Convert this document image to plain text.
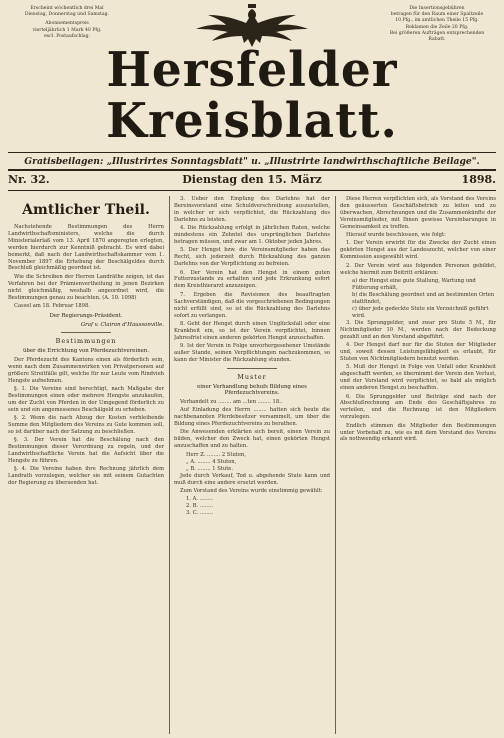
Erscheint wöchentlich drei Mal
Dienstag, Donnerstag und Samstag.
Abonnementspreis
vierteljährlich 1 Mark 40 Pfg.
excl. Postaufschlag.
Die Insertionsgebühren
betragen für den Raum einer Spaltzeile
10 Pfg., im amtlichen Theile 15 Pfg.
Reklamen die Zeile 20 Pfg.
Bei größeren Aufträgen entsprechenden
Rabatt.
Hersfelder Kreisblatt.
Gratisbeilagen: „Illustrirtes Sonntagsblatt" u. „Illustrirte landwirthschaftliche Beilage".
Nr. 32.	Dienstag den 15. März	1898.
Amtlicher Theil.
Nachstehende Bestimmungen des Herrn Landwirthschaftsministers, welche die durch Ministerialerlaß vom 13. April 1870 angeregten erlegten, werden hierdurch zur Kenntniß gebracht. Es wird dabei bemerkt, daß nach der Landwirthschaftskammer vom 1. November 1897 die Erhebung der Beschälgeldes durch Beschluß gleichmäßig geordnet ist.
Wie die Schreiben der Herren Landräthe zeigen, ist das Verfahren bei der Prämienvertheilung in jenen Bezirken nicht gleichmäßig, weshalb angeordnet wird, die Bestimmungen genau zu beachten. (A. 10. 1098)
Cassel am 18. Februar 1898.
Der Regierungs-Präsident.
Graf v. Clairon d'Haussonville.
Bestimmungen
über die Errichtung von Pferdezuchtvereinen.
Der Pferdezucht des Kantons einen als förderlich sein, wenn nach dem Zusammenwirken von Privatpersonen auf größere Streitfälle gilt, welche für nur Leute vom Rindvieh Hengste aufnehmen.
§. 1. Die Vereine sind berechtigt, nach Maßgabe der Bestimmungen einen oder mehrere Hengste anzukaufen, um der Zucht von Pferden in der Umgegend förderlich zu sein und ein angemessenes Beschälgeld zu erheben.
§. 2. Wenn die nach Abzug der Kosten verbleibende Summe den Mitgliedern des Vereins zu Gute kommen soll, so ist darüber nach der Satzung zu beschließen.
§. 3. Der Verein hat die Beschälung nach den Bestimmungen dieser Verordnung zu regeln, und der Landwirthschaftliche Verein hat die Aufsicht über die Hengste zu führen.
§. 4. Die Vereine haben ihre Rechnung jährlich dem Landrath vorzulegen, welcher sie mit seinem Gutachten der Regierung zu übersenden hat.
3. Ueber den Empfang des Darlehns hat der Bereinsvorstand eine Schuldverschreibung auszustellen, in welcher er sich verpflichtet, die Rückzahlung des Darlehns zu leisten.
4. Die Rückzahlung erfolgt in jährlichen Raten, welche mindestens ein Zehntel des ursprünglichen Darlehns betragen müssen, und zwar am 1. Oktober jeden Jahres.
5. Der Hengst bzw. die Vereinsmitglieder haben das Recht, sich jederzeit durch Rückzahlung des ganzen Darlehns von der Verpflichtung zu befreien.
6. Der Verein hat den Hengst in einem guten Futterzustande zu erhalten und jede Erkrankung sofort dem Kreisthierarzt anzuzeigen.
7. Ergeben die Revisionen des beauftragten Sachverständigen, daß die vorgeschriebenen Bedingungen nicht erfüllt sind, so ist die Rückzahlung des Darlehns sofort zu verlangen.
8. Geht der Hengst durch einen Unglücksfall oder eine Krankheit ein, so ist der Verein verpflichtet, binnen Jahresfrist einen anderen gekörten Hengst anzuschaffen.
9. Ist der Verein in Folge unvorhergesehener Umstände außer Stande, seinen Verpflichtungen nachzukommen, so kann der Minister die Rückzahlung stunden.
Muster
einer Verhandlung behufs Bildung eines Pferdezuchtvereins.
Verhandelt zu ........ am ...ten ........ 18..
Auf Einladung des Herrn ........ hatten sich heute die nachbenannten Pferdebesitzer versammelt, um über die Bildung eines Pferdezuchtvereins zu berathen.
Die Anwesenden erklärten sich bereit, einen Verein zu bilden, welcher den Zweck hat, einen gekörten Hengst anzuschaffen und zu halten.
Herr Z. ........ 2 Stuten,
„ A. ........ 4 Stuten,
„ B. ........ 1 Stute.
Jede durch Verkauf, Tod u. abgehende Stute kann und muß durch eine andere ersetzt werden.
Zum Vorstand des Vereins wurde einstimmig gewählt:
1. A. ........
2. B. ........
3. C. ........
Diese Herren verpflichten sich, als Vorstand des Vereins den geäusserten Geschäftsbetrieb zu leiten und zu überwachen, Abrechnungen und die Zusammenkünfte der Vereinsmitglieder, mit Ihnen gewisse Vereinbarungen in Gemeinsamkeit zu treffen.
Hierauf wurde beschlossen, wie folgt:
1. Der Verein erwirbt für die Zwecke der Zucht einen gekörten Hengst aus der Landeszucht, welcher von einer Kommission ausgewählt wird.
2. Der Verein wird aus folgenden Personen gebildet, welche hiermit zum Beitritt erklären:
a) der Hengst eine gute Stallung, Wartung und Fütterung erhält,
b) die Beschälung geordnet und an bestimmten Orten stattfindet,
c) über jede gedeckte Stute ein Verzeichniß geführt wird.
3. Die Sprunggelder, und zwar pro Stute 5 M., für Nichtmitglieder 10 M., werden nach der Bedeckung gezahlt und an den Vorstand abgeführt.
4. Der Hengst darf nur für die Stuten der Mitglieder und, soweit dessen Leistungsfähigkeit es erlaubt, für Stuten von Nichtmitgliedern benutzt werden.
5. Muß der Hengst in Folge von Unfall oder Krankheit abgeschafft werden, so übernimmt der Verein den Verlust, und der Vorstand wird verpflichtet, so bald als möglich einen anderen Hengst zu beschaffen.
6. Die Sprunggelder und Beiträge sind nach der Abschlußrechnung am Ende des Geschäftsjahres zu verteilen, und die Rechnung ist den Mitgliedern vorzulegen.
Endlich stimmen die Mitglieder den Bestimmungen unter Vorbehalt zu, wie es mit dem Vorstand des Vereins als nothwendig erkannt wird.
